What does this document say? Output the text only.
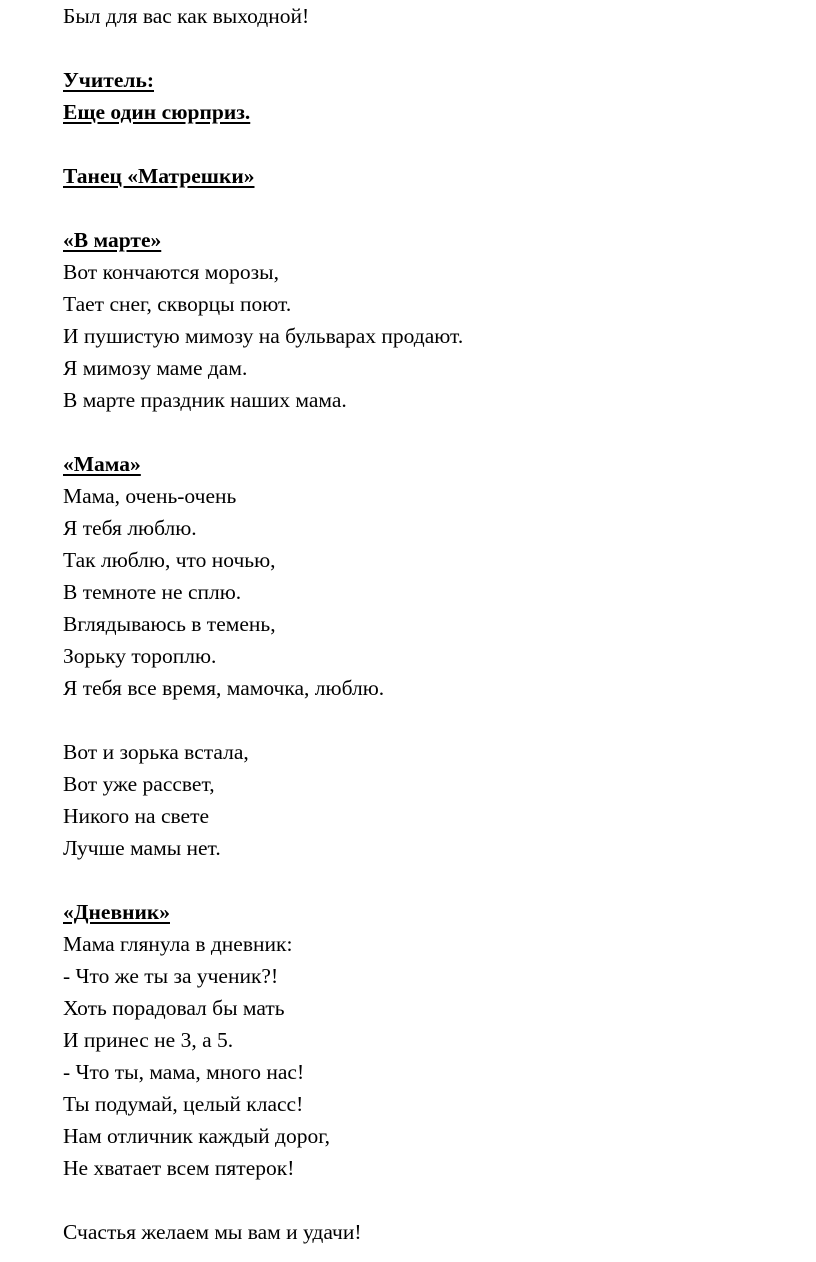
Был для вас как выходной!
Учитель:
Еще один сюрприз.
Танец «Матрешки»
«В марте»
Вот кончаются морозы,
Тает снег, скворцы поют.
И пушистую мимозу на бульварах продают.
Я мимозу маме дам.
В марте праздник наших мама.
«Мама»
Мама, очень-очень
Я тебя люблю.
Так люблю, что ночью,
В темноте не сплю.
Вглядываюсь в темень,
Зорьку тороплю.
Я тебя все время, мамочка, люблю.
Вот и зорька встала,
Вот уже рассвет,
Никого на свете
Лучше мамы нет.
«Дневник»
Мама глянула в дневник:
- Что же ты за ученик?!
Хоть порадовал бы мать
И принес не 3, а 5.
- Что ты, мама, много нас!
Ты подумай, целый класс!
Нам отличник каждый дорог,
Не хватает всем пятерок!
Счастья желаем мы вам и удачи!
